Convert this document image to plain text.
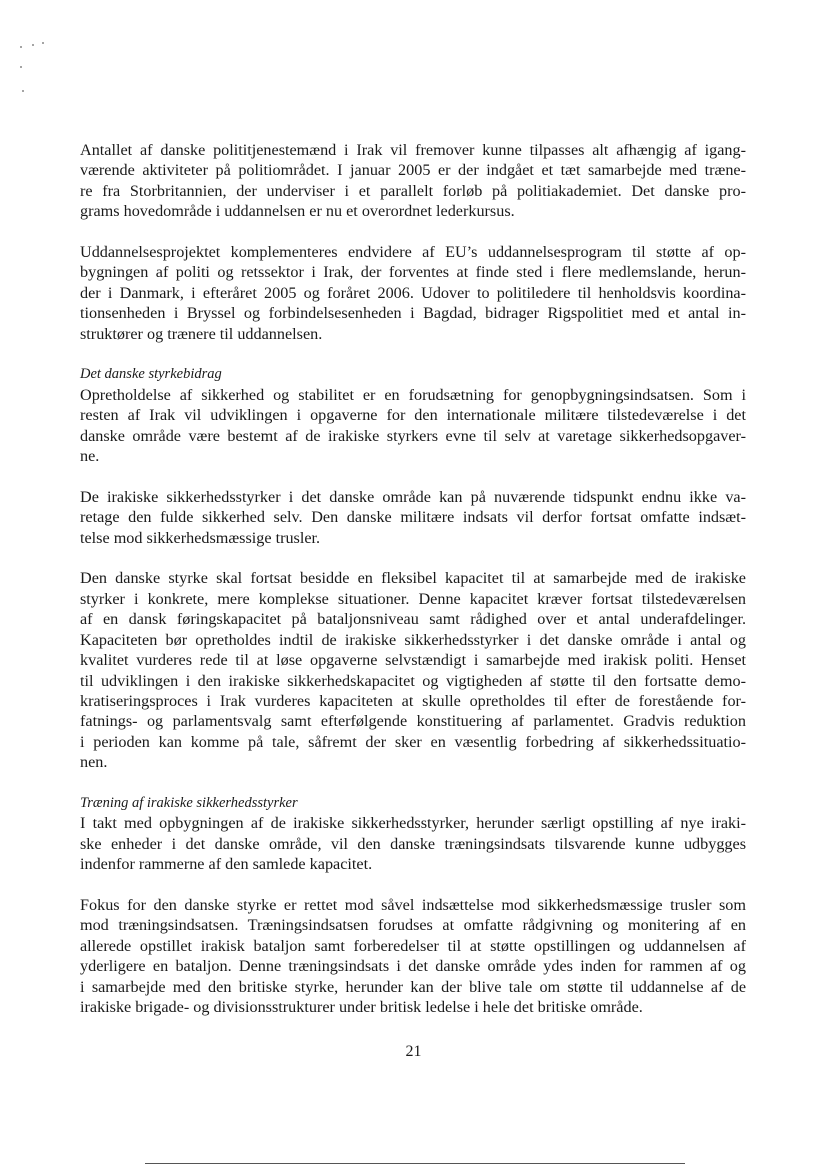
Antallet af danske polititjenestemænd i Irak vil fremover kunne tilpasses alt afhængig af igang-
værende aktiviteter på politiområdet. I januar 2005 er der indgået et tæt samarbejde med træne-
re fra Storbritannien, der underviser i et parallelt forløb på politiakademiet. Det danske pro-
grams hovedområde i uddannelsen er nu et overordnet lederkursus.
Uddannelsesprojektet komplementeres endvidere af EU’s uddannelsesprogram til støtte af op-
bygningen af politi og retssektor i Irak, der forventes at finde sted i flere medlemslande, herun-
der i Danmark, i efteråret 2005 og foråret 2006. Udover to politiledere til henholdsvis koordina-
tionsenheden i Bryssel og forbindelsesenheden i Bagdad, bidrager Rigspolitiet med et antal in-
struktører og trænere til uddannelsen.
Det danske styrkebidrag
Opretholdelse af sikkerhed og stabilitet er en forudsætning for genopbygningsindsatsen. Som i
resten af Irak vil udviklingen i opgaverne for den internationale militære tilstedeværelse i det
danske område være bestemt af de irakiske styrkers evne til selv at varetage sikkerhedsopgaver-
ne.
De irakiske sikkerhedsstyrker i det danske område kan på nuværende tidspunkt endnu ikke va-
retage den fulde sikkerhed selv. Den danske militære indsats vil derfor fortsat omfatte indsæt-
telse mod sikkerhedsmæssige trusler.
Den danske styrke skal fortsat besidde en fleksibel kapacitet til at samarbejde med de irakiske
styrker i konkrete, mere komplekse situationer. Denne kapacitet kræver fortsat tilstedeværelsen
af en dansk føringskapacitet på bataljonsniveau samt rådighed over et antal underafdelinger.
Kapaciteten bør opretholdes indtil de irakiske sikkerhedsstyrker i det danske område i antal og
kvalitet vurderes rede til at løse opgaverne selvstændigt i samarbejde med irakisk politi. Henset
til udviklingen i den irakiske sikkerhedskapacitet og vigtigheden af støtte til den fortsatte demo-
kratiseringsproces i Irak vurderes kapaciteten at skulle opretholdes til efter de forestående for-
fatnings- og parlamentsvalg samt efterfølgende konstituering af parlamentet. Gradvis reduktion
i perioden kan komme på tale, såfremt der sker en væsentlig forbedring af sikkerhedssituatio-
nen.
Træning af irakiske sikkerhedsstyrker
I takt med opbygningen af de irakiske sikkerhedsstyrker, herunder særligt opstilling af nye iraki-
ske enheder i det danske område, vil den danske træningsindsats tilsvarende kunne udbygges
indenfor rammerne af den samlede kapacitet.
Fokus for den danske styrke er rettet mod såvel indsættelse mod sikkerhedsmæssige trusler som
mod træningsindsatsen. Træningsindsatsen forudses at omfatte rådgivning og monitering af en
allerede opstillet irakisk bataljon samt forberedelser til at støtte opstillingen og uddannelsen af
yderligere en bataljon. Denne træningsindsats i det danske område ydes inden for rammen af og
i samarbejde med den britiske styrke, herunder kan der blive tale om støtte til uddannelse af de
irakiske brigade- og divisionsstrukturer under britisk ledelse i hele det britiske område.
21
